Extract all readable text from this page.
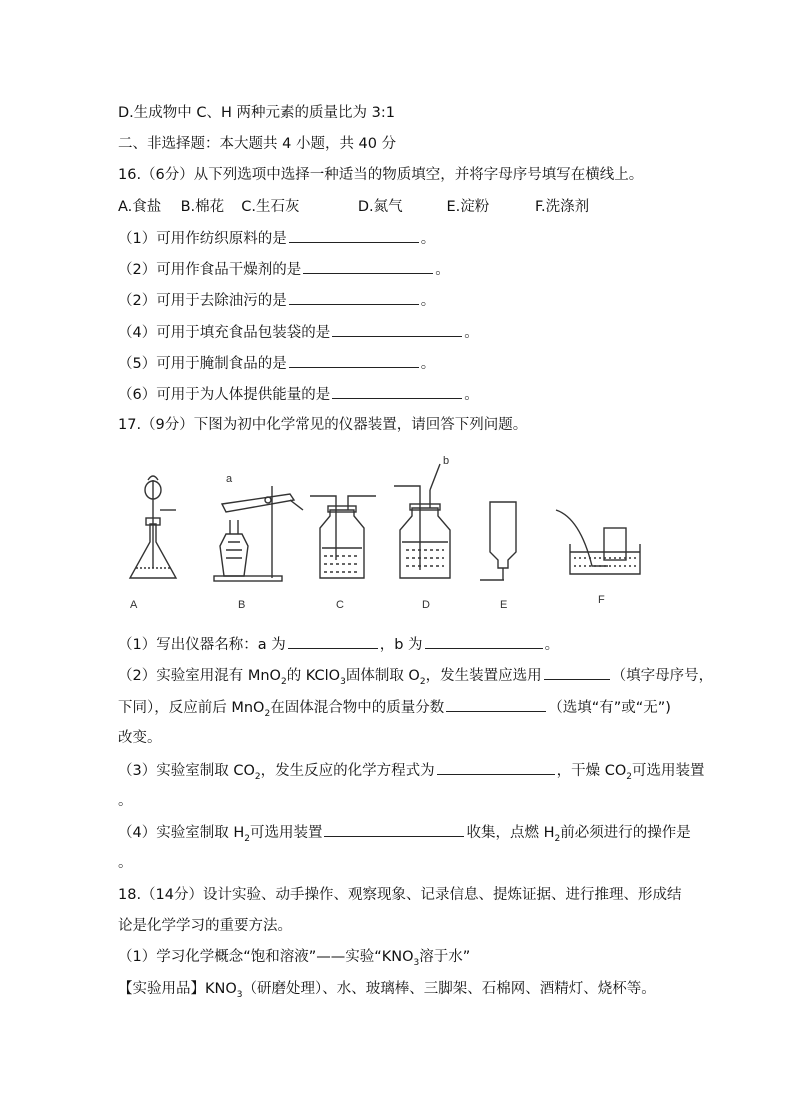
D.生成物中 C、H 两种元素的质量比为 3:1
二、非选择题：本大题共 4 小题，共 40 分
16.（6分）从下列选项中选择一种适当的物质填空，并将字母序号填写在横线上。
A.食盐 B.棉花 C.生石灰	D.氮气	E.淀粉	F.洗涤剂
（1）可用作纺织原料的是	。
（2）可用作食品干燥剂的是	。
（2）可用于去除油污的是	。
（4）可用于填充食品包装袋的是	。
（5）可用于腌制食品的是	。
（6）可用于为人体提供能量的是	。
17.（9分）下图为初中化学常见的仪器装置，请回答下列问题。
A
a
B	C
b
D	E	F
（1）写出仪器名称：a 为	，b 为	。
（2）实验室用混有 MnO$_2$的 KClO$_3$固体制取 $O_2$，发生装置应选用	（填字母序号，
下同），反应前后 MnO$_2$在固体混合物中的质量分数	（选填“有”或“无”)
改变。
（3）实验室制取 $CO_2$，发生反应的化学方程式为	，干燥 $CO_2$可选用装置
。
（4）实验室制取 $H_2$可选用装置	收集，点燃 $H_2$前必须进行的操作是
。
18.（14分）设计实验、动手操作、观察现象、记录信息、提炼证据、进行推理、形成结
论是化学学习的重要方法。
（1）学习化学概念“饱和溶液”——实验“$KNO_3$溶于水”
【实验用品】$KNO_3$（研磨处理）、水、玻璃棒、三脚架、石棉网、酒精灯、烧杯等。
